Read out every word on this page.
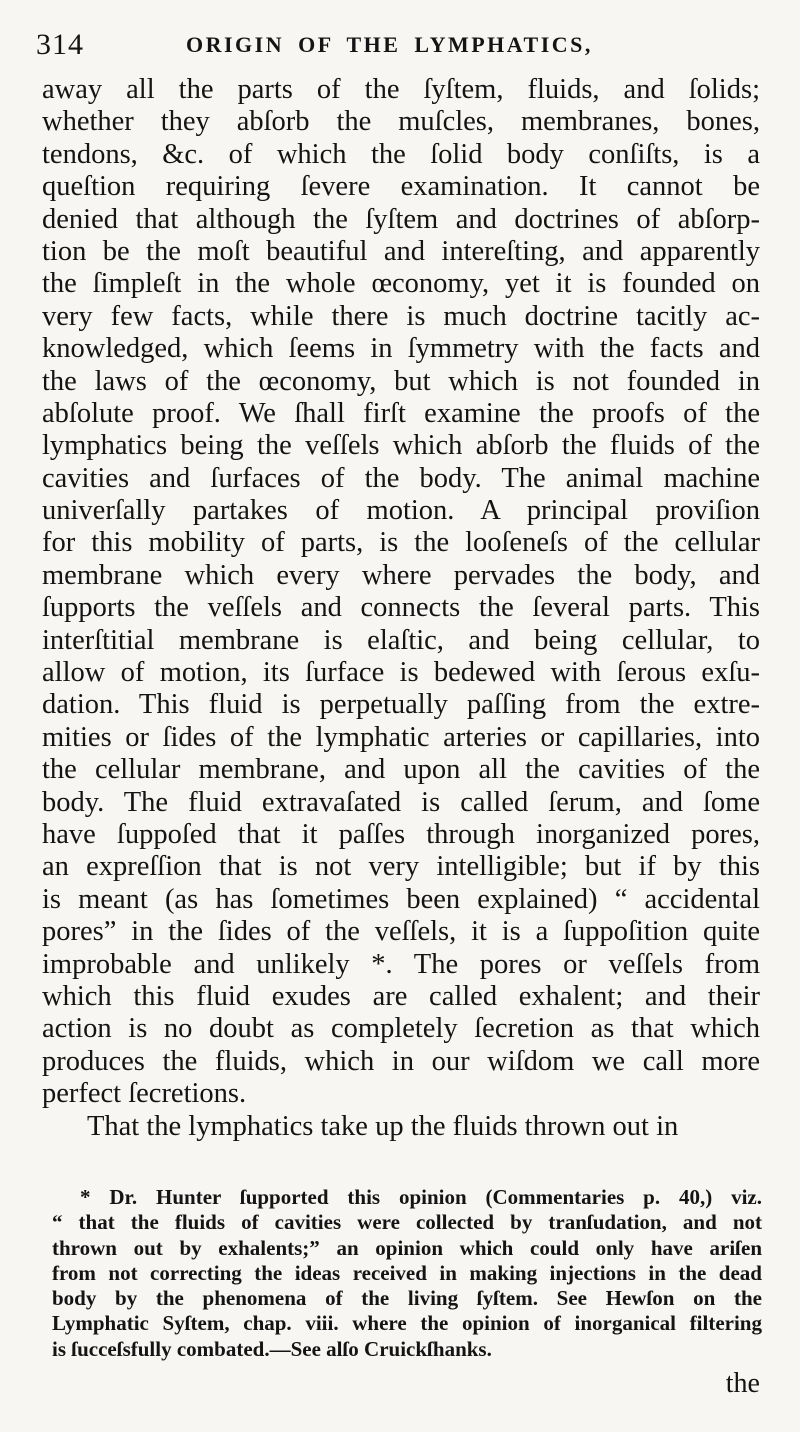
314	ORIGIN OF THE LYMPHATICS,
away all the parts of the ſyſtem, fluids, and ſolids;
whether they abſorb the muſcles, membranes, bones,
tendons, &c. of which the ſolid body conſiſts, is a
queſtion requiring ſevere examination. It cannot be
denied that although the ſyſtem and doctrines of abſorp-
tion be the moſt beautiful and intereſting, and apparently
the ſimpleſt in the whole œconomy, yet it is founded on
very few facts, while there is much doctrine tacitly ac-
knowledged, which ſeems in ſymmetry with the facts and
the laws of the œconomy, but which is not founded in
abſolute proof. We ſhall firſt examine the proofs of the
lymphatics being the veſſels which abſorb the fluids of the
cavities and ſurfaces of the body. The animal machine
univerſally partakes of motion. A principal proviſion
for this mobility of parts, is the looſeneſs of the cellular
membrane which every where pervades the body, and
ſupports the veſſels and connects the ſeveral parts. This
interſtitial membrane is elaſtic, and being cellular, to
allow of motion, its ſurface is bedewed with ſerous exſu-
dation. This fluid is perpetually paſſing from the extre-
mities or ſides of the lymphatic arteries or capillaries, into
the cellular membrane, and upon all the cavities of the
body. The fluid extravaſated is called ſerum, and ſome
have ſuppoſed that it paſſes through inorganized pores,
an expreſſion that is not very intelligible; but if by this
is meant (as has ſometimes been explained) “ accidental
pores” in the ſides of the veſſels, it is a ſuppoſition quite
improbable and unlikely *. The pores or veſſels from
which this fluid exudes are called exhalent; and their
action is no doubt as completely ſecretion as that which
produces the fluids, which in our wiſdom we call more
perfect ſecretions.
That the lymphatics take up the fluids thrown out in
* Dr. Hunter ſupported this opinion (Commentaries p. 40,) viz.
“ that the fluids of cavities were collected by tranſudation, and not
thrown out by exhalents;” an opinion which could only have ariſen
from not correcting the ideas received in making injections in the dead
body by the phenomena of the living ſyſtem. See Hewſon on the
Lymphatic Syſtem, chap. viii. where the opinion of inorganical filtering
is ſucceſsfully combated.—See alſo Cruickſhanks.
the
